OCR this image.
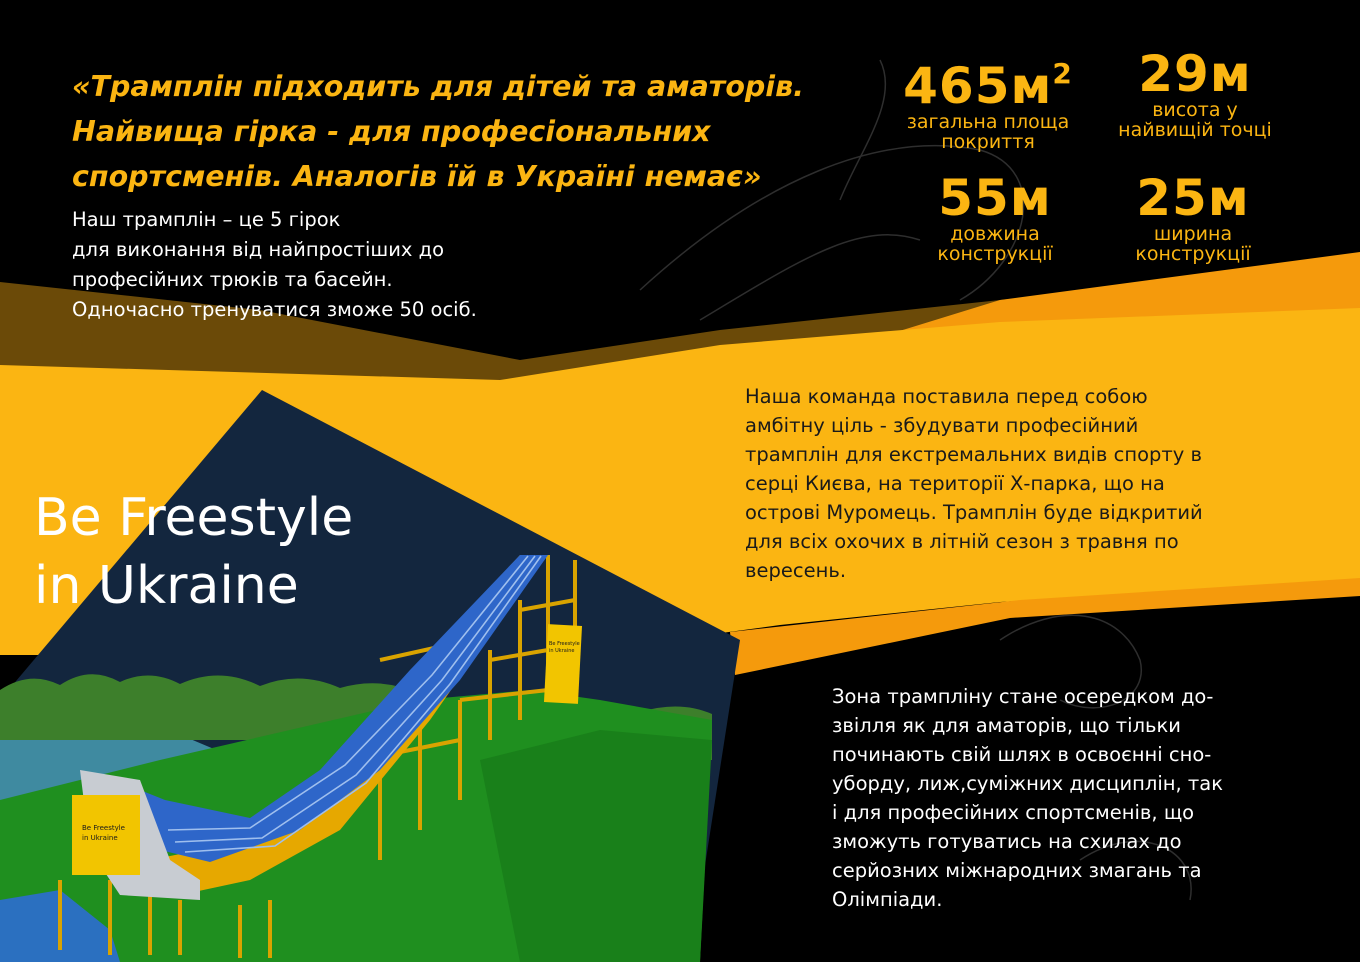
Be Freestyle
in Ukraine
Be Freestyle
in Ukraine
«Трамплін підходить для дітей та аматорів.
Найвища гірка - для професіональних
спортсменів. Аналогів їй в Україні немає»
Наш трамплін – це 5 гірок
для виконання від найпростіших до
професійних трюків та басейн.
Одночасно тренуватися зможе 50 осіб.
$465м^2$
загальна площа
покриття
29м
висота у
найвищій точці
55м
довжина
конструкції
25м
ширина
конструкції
Наша команда поставила перед собою
амбітну ціль - збудувати професійний
трамплін для екстремальних видів спорту в
серці Києва, на території Х-парка, що на
острові Муромець. Трамплін буде відкритий
для всіх охочих в літній сезон з травня по
вересень.
Зона трампліну стане осередком до-
звілля як для аматорів, що тільки
починають свій шлях в освоєнні сно-
уборду, лиж,суміжних дисциплін, так
і для професійних спортсменів, що
зможуть готуватись на схилах до
серйозних міжнародних змагань та
Олімпіади.
Be Freestyle
in Ukraine
